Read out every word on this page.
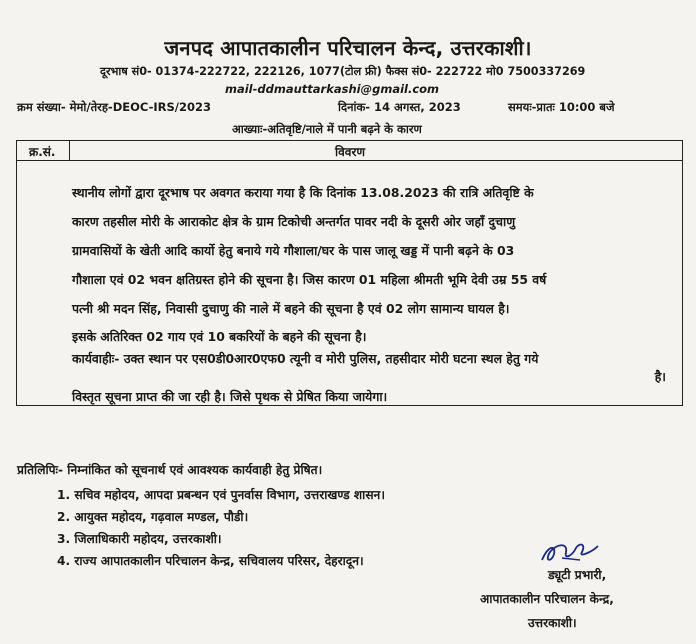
जनपद आपातकालीन परिचालन केन्द, उत्तरकाशी।
दूरभाष सं0- 01374-222722, 222126, 1077(टोल फ्री) फैक्स सं0- 222722 मो0 7500337269
mail-ddmauttarkashi@gmail.com
क्रम संख्या- मेमो/तेरह-DEOC-IRS/2023	दिनांक- 14 अगस्त, 2023	समयः-प्रातः 10:00 बजे
आख्याः-अतिवृष्टि/नाले में पानी बढ़ने के कारण
क्र.सं.	विवरण
स्थानीय लोगों द्वारा दूरभाष पर अवगत कराया गया है कि दिनांक 13.08.2023 की रात्रि अतिवृष्टि के
कारण तहसील मोरी के आराकोट क्षेत्र के ग्राम टिकोची अन्तर्गत पावर नदी के दूसरी ओर जहाँ दुचाणु
ग्रामवासियों के खेती आदि कार्यो हेतु बनाये गये गौशाला/घर के पास जालू खड्ड में पानी बढ़ने के 03
गौशाला एवं 02 भवन क्षतिग्रस्त होने की सूचना है। जिस कारण 01 महिला श्रीमती भूमि देवी उम्र 55 वर्ष
पत्नी श्री मदन सिंह, निवासी दुचाणु की नाले में बहने की सूचना है एवं 02 लोग सामान्य घायल है।
इसके अतिरिक्त 02 गाय एवं 10 बकरियों के बहने की सूचना है।
कार्यवाहीः- उक्त स्थान पर एस0डी0आर0एफ0 त्यूनी व मोरी पुलिस, तहसीदार मोरी घटना स्थल हेतु गये
है।
विस्तृत सूचना प्राप्त की जा रही है। जिसे पृथक से प्रेषित किया जायेगा।
प्रतिलिपिः- निम्नांकित को सूचनार्थ एवं आवश्यक कार्यवाही हेतु प्रेषित।
1. सचिव महोदय, आपदा प्रबन्धन एवं पुनर्वास विभाग, उत्तराखण्ड शासन।
2. आयुक्त महोदय, गढ़वाल मण्डल, पौडी।
3. जिलाधिकारी महोदय, उत्तरकाशी।
4. राज्य आपातकालीन परिचालन केन्द्र, सचिवालय परिसर, देहरादून।
ड्यूटी प्रभारी,
आपातकालीन परिचालन केन्द्र,
उत्तरकाशी।
